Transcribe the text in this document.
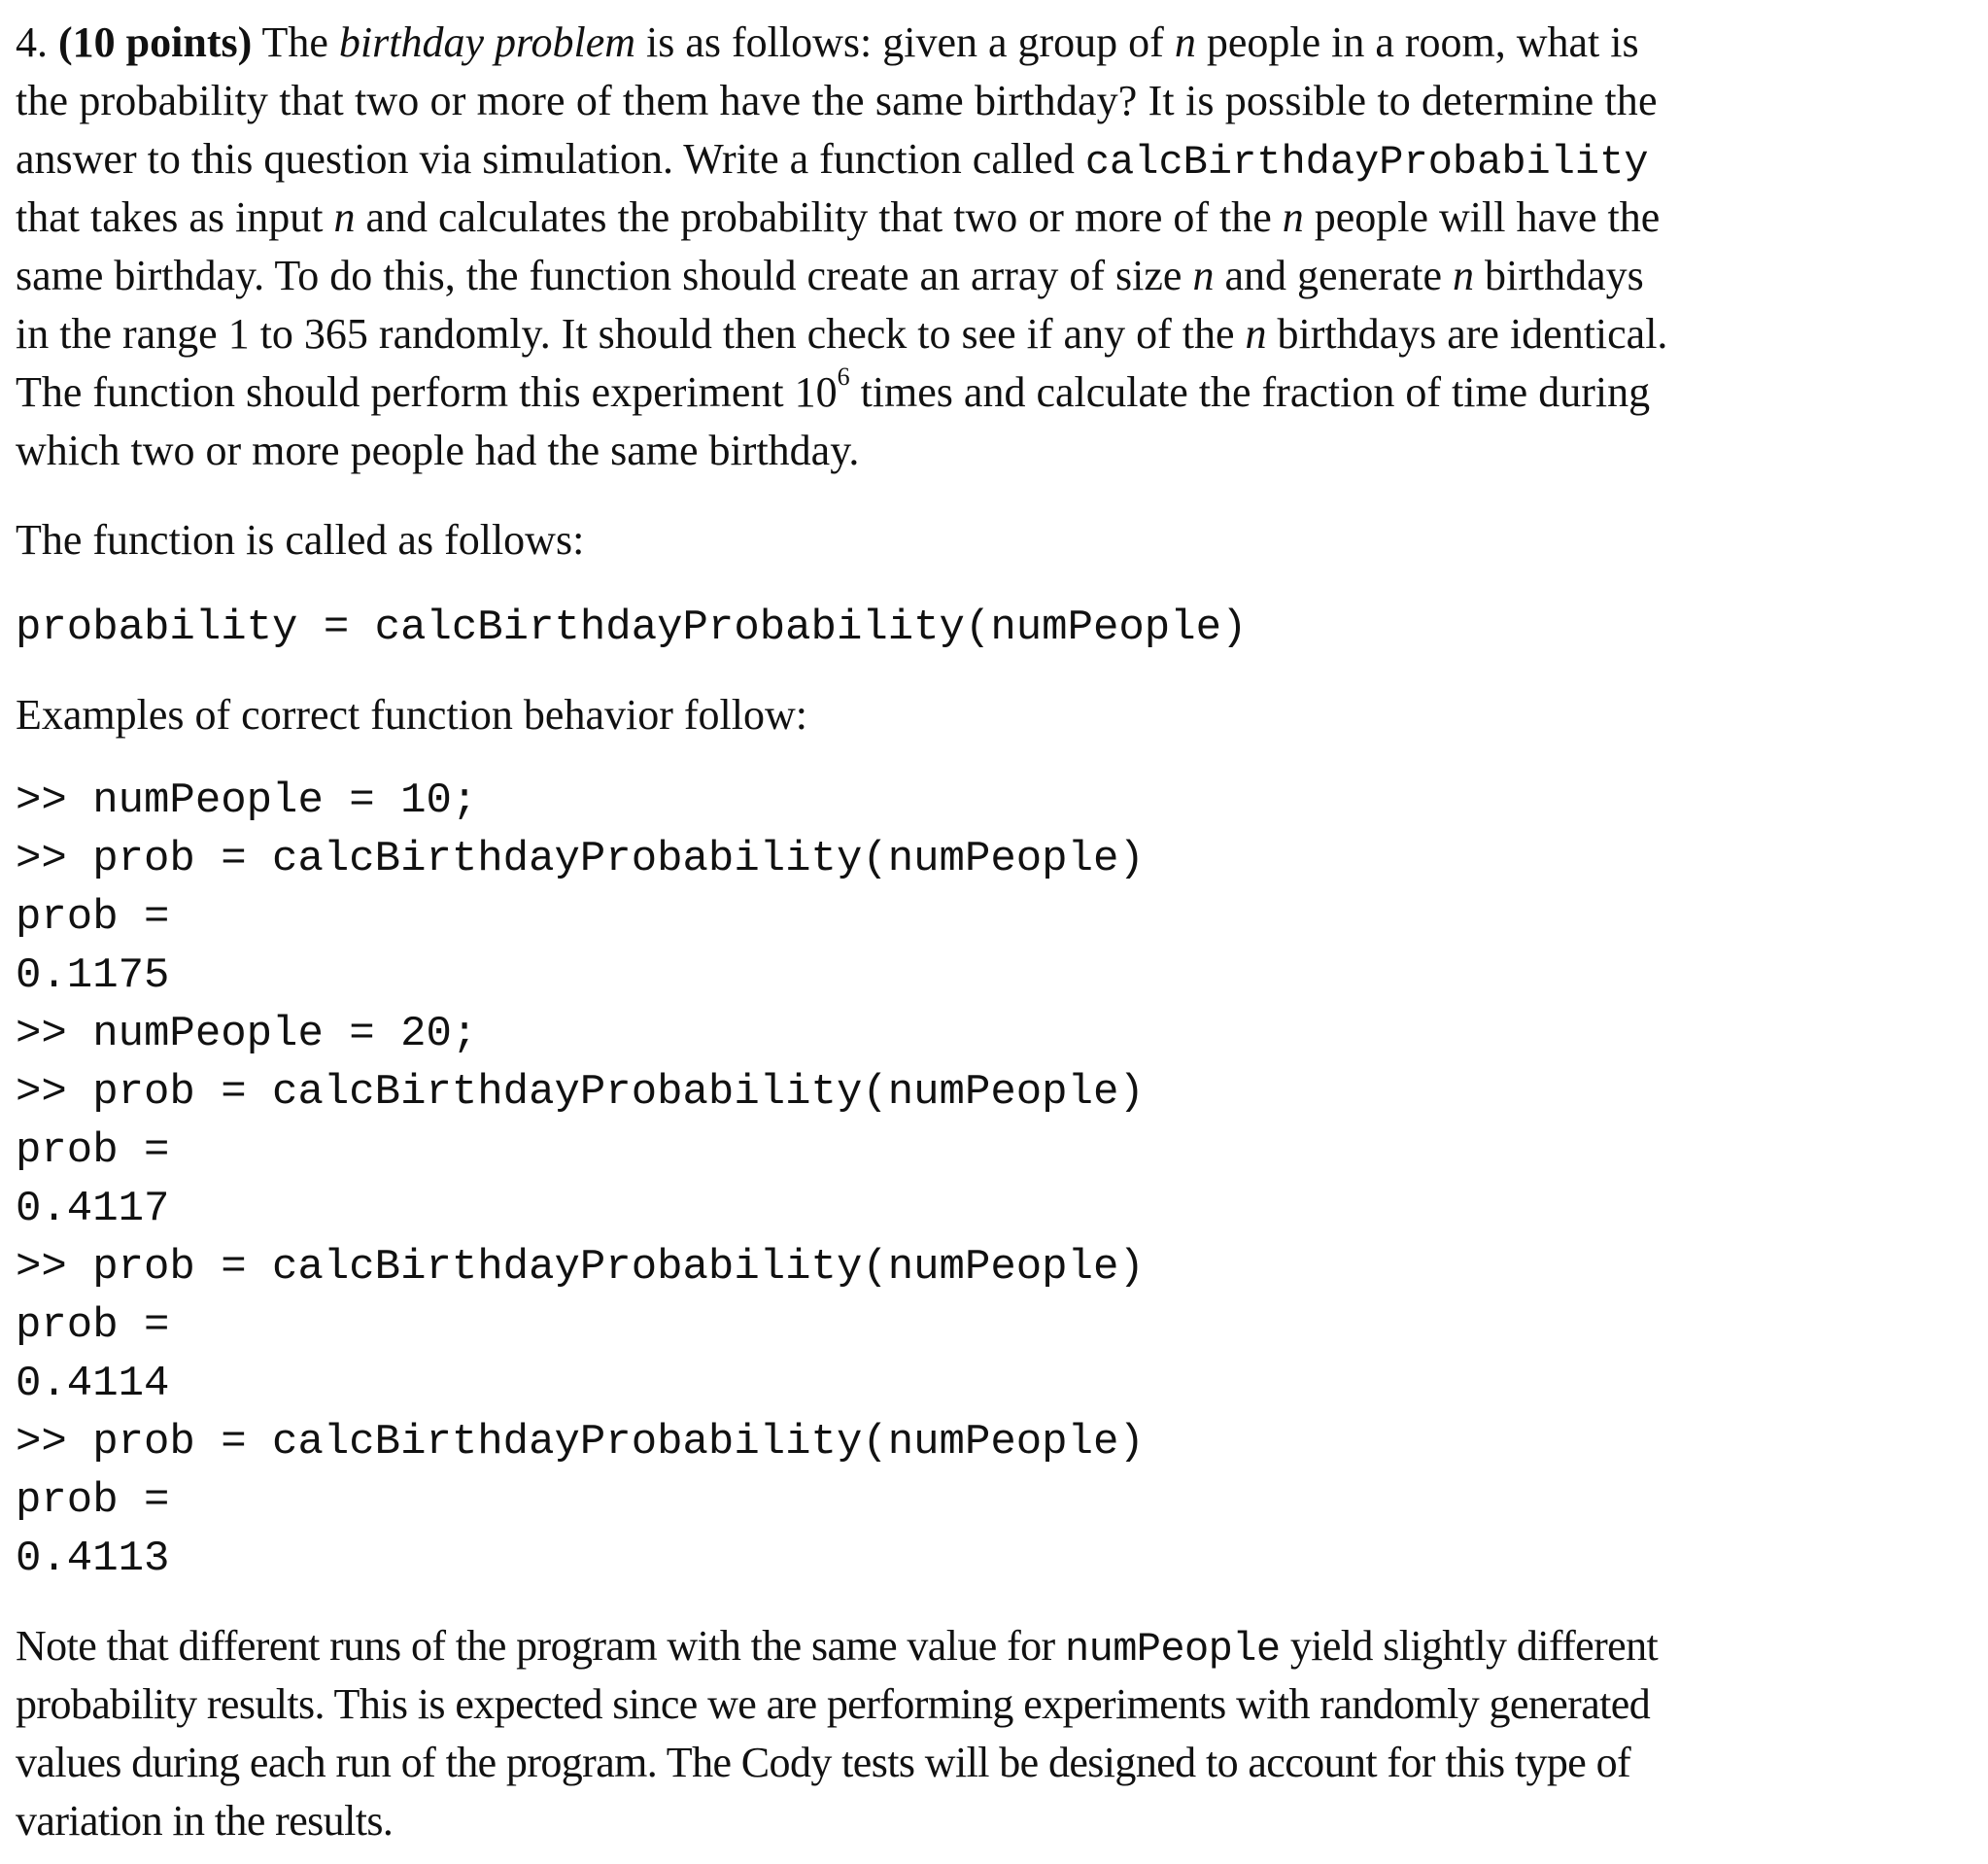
4. (10 points) The birthday problem is as follows: given a group of n people in a room, what is
the probability that two or more of them have the same birthday? It is possible to determine the
answer to this question via simulation. Write a function called calcBirthdayProbability
that takes as input n and calculates the probability that two or more of the n people will have the
same birthday. To do this, the function should create an array of size n and generate n birthdays
in the range 1 to 365 randomly. It should then check to see if any of the n birthdays are identical.
The function should perform this experiment $10^6$ times and calculate the fraction of time during
which two or more people had the same birthday.
The function is called as follows:
probability = calcBirthdayProbability(numPeople)
Examples of correct function behavior follow:
>> numPeople = 10;
>> prob = calcBirthdayProbability(numPeople)
prob =
0.1175
>> numPeople = 20;
>> prob = calcBirthdayProbability(numPeople)
prob =
0.4117
>> prob = calcBirthdayProbability(numPeople)
prob =
0.4114
>> prob = calcBirthdayProbability(numPeople)
prob =
0.4113
Note that different runs of the program with the same value for numPeople yield slightly different
probability results. This is expected since we are performing experiments with randomly generated
values during each run of the program. The Cody tests will be designed to account for this type of
variation in the results.
